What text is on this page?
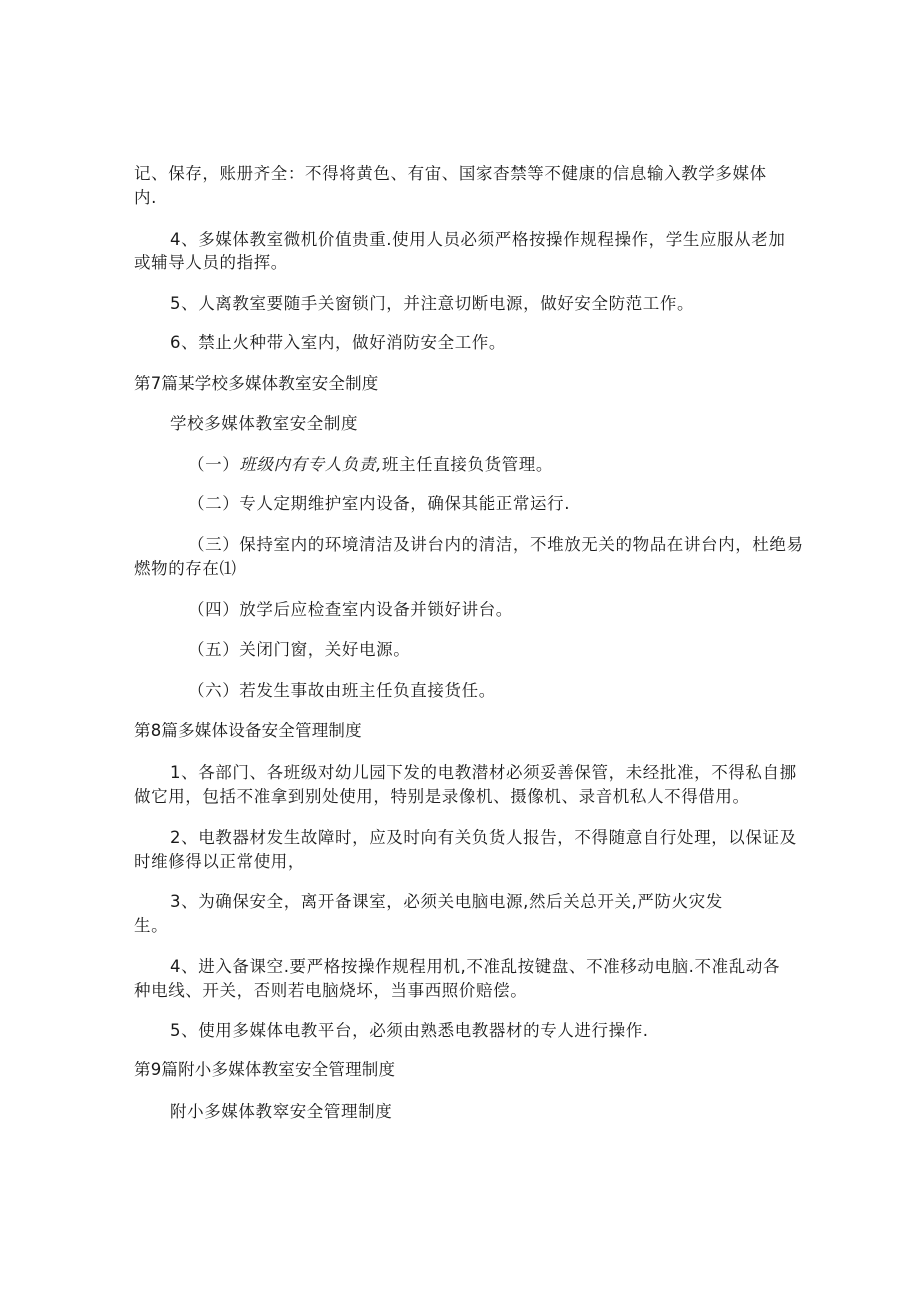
记、保存，账册齐全：不得将黄色、有宙、国家杳禁等不健康的信息输入教学多媒体
内.
4、多媒体教室微机价值贵重.使用人员必须严格按操作规程操作，学生应服从老加
或辅导人员的指挥。
5、人离教室要随手关窗锁门，并注意切断电源，做好安全防范工作。
6、禁止火种带入室内，做好消防安全工作。
第7篇某学校多媒体教室安全制度
学校多媒体教室安全制度
（一）班级内有专人负责,班主任直接负货管理。
（二）专人定期维护室内设备，确保其能正常运行.
（三）保持室内的环境清洁及讲台内的清洁，不堆放无关的物品在讲台内，杜绝易
燃物的存在⑴
（四）放学后应检查室内设备并锁好讲台。
（五）关闭门窗，关好电源。
（六）若发生事故由班主任负直接货任。
第8篇多媒体设备安全管理制度
1、各部门、各班级对幼儿园下发的电教潜材必须妥善保管，未经批准，不得私自挪
做它用，包括不准拿到别处使用，特别是录像机、摄像机、录音机私人不得借用。
2、电教器材发生故障时，应及时向有关负货人报告，不得随意自行处理，以保证及
时维修得以正常使用，
3、为确保安全，离开备课室，必须关电脑电源,然后关总开关,严防火灾发
生。
4、进入备课空.要严格按操作规程用机,不准乱按键盘、不准移动电脑.不准乱动各
种电线、开关，否则若电脑烧坏，当事西照价赔偿。
5、使用多媒体电教平台，必须由熟悉电教器材的专人进行操作.
第9篇附小多媒体教室安全管理制度
附小多媒体教窣安全管理制度
